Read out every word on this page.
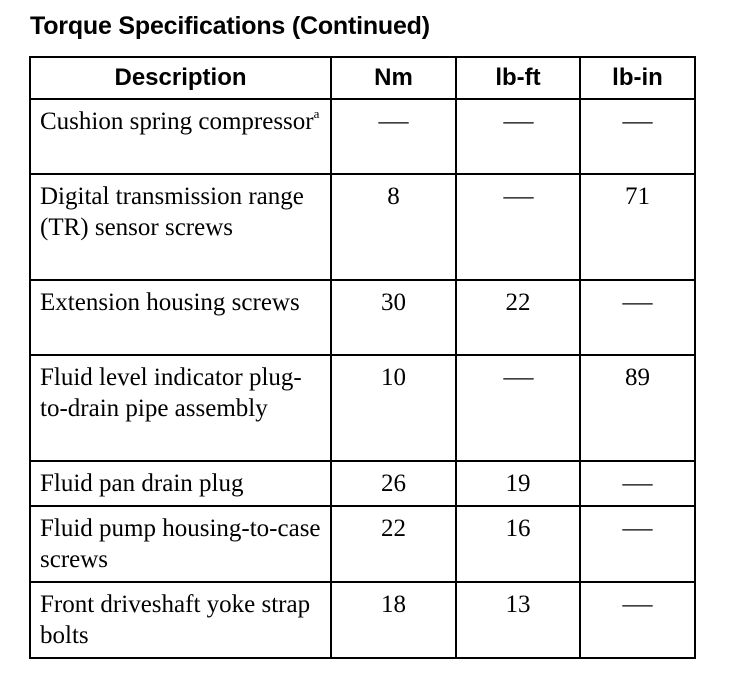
Torque Specifications (Continued)
Description	Nm	lb-ft	lb-in
Cushion spring compressor$^a$	—	—	—
Digital transmission range (TR) sensor screws	8	—	71
Extension housing screws	30	22	—
Fluid level indicator plug-to-drain pipe assembly	10	—	89
Fluid pan drain plug	26	19	—
Fluid pump housing-to-case screws	22	16	—
Front driveshaft yoke strap bolts	18	13	—
